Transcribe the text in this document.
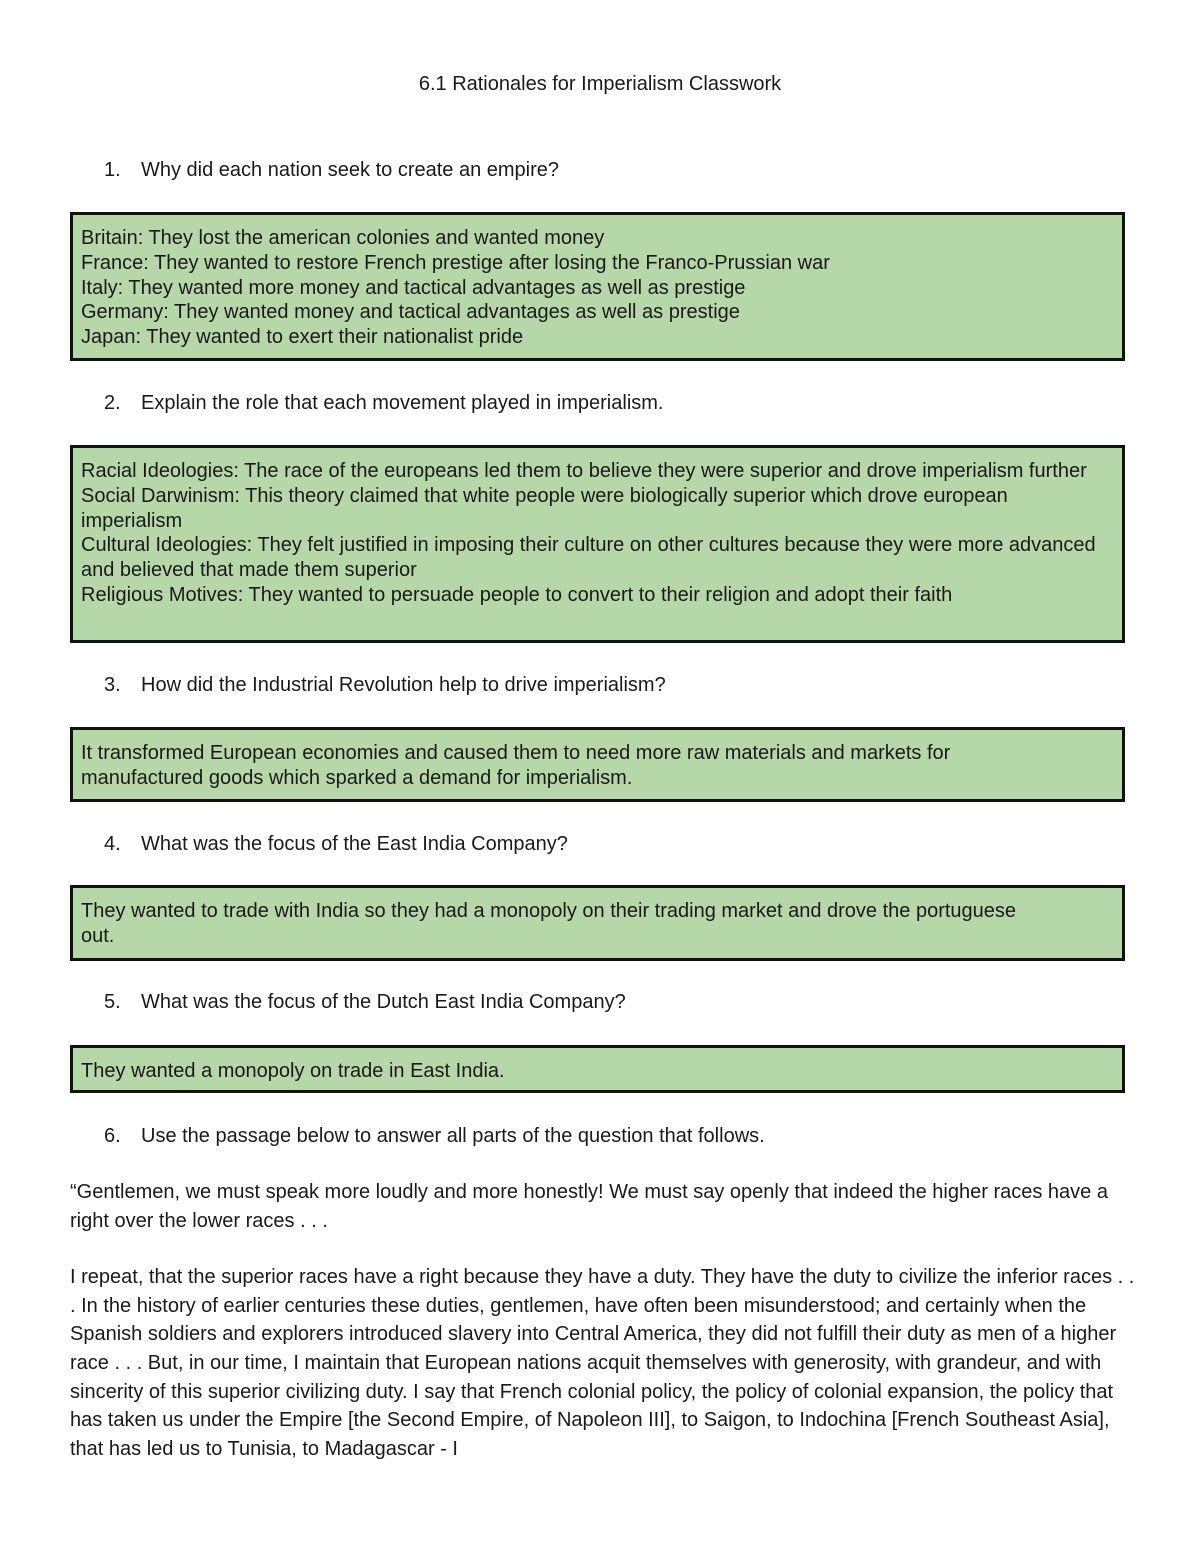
6.1 Rationales for Imperialism Classwork
1. Why did each nation seek to create an empire?
Britain: They lost the american colonies and wanted money
France: They wanted to restore French prestige after losing the Franco-Prussian war
Italy: They wanted more money and tactical advantages as well as prestige
Germany: They wanted money and tactical advantages as well as prestige
Japan: They wanted to exert their nationalist pride
2. Explain the role that each movement played in imperialism.
Racial Ideologies: The race of the europeans led them to believe they were superior and drove imperialism further
Social Darwinism: This theory claimed that white people were biologically superior which drove european imperialism
Cultural Ideologies: They felt justified in imposing their culture on other cultures because they were more advanced and believed that made them superior
Religious Motives: They wanted to persuade people to convert to their religion and adopt their faith
3. How did the Industrial Revolution help to drive imperialism?
It transformed European economies and caused them to need more raw materials and markets for manufactured goods which sparked a demand for imperialism.
4. What was the focus of the East India Company?
They wanted to trade with India so they had a monopoly on their trading market and drove the portuguese out.
5. What was the focus of the Dutch East India Company?
They wanted a monopoly on trade in East India.
6. Use the passage below to answer all parts of the question that follows.

“Gentlemen, we must speak more loudly and more honestly! We must say openly that indeed the higher races have a right over the lower races . . .

I repeat, that the superior races have a right because they have a duty. They have the duty to civilize the inferior races . . . In the history of earlier centuries these duties, gentlemen, have often been misunderstood; and certainly when the Spanish soldiers and explorers introduced slavery into Central America, they did not fulfill their duty as men of a higher race . . . But, in our time, I maintain that European nations acquit themselves with generosity, with grandeur, and with sincerity of this superior civilizing duty. I say that French colonial policy, the policy of colonial expansion, the policy that has taken us under the Empire [the Second Empire, of Napoleon III], to Saigon, to Indochina [French Southeast Asia], that has led us to Tunisia, to Madagascar - I
